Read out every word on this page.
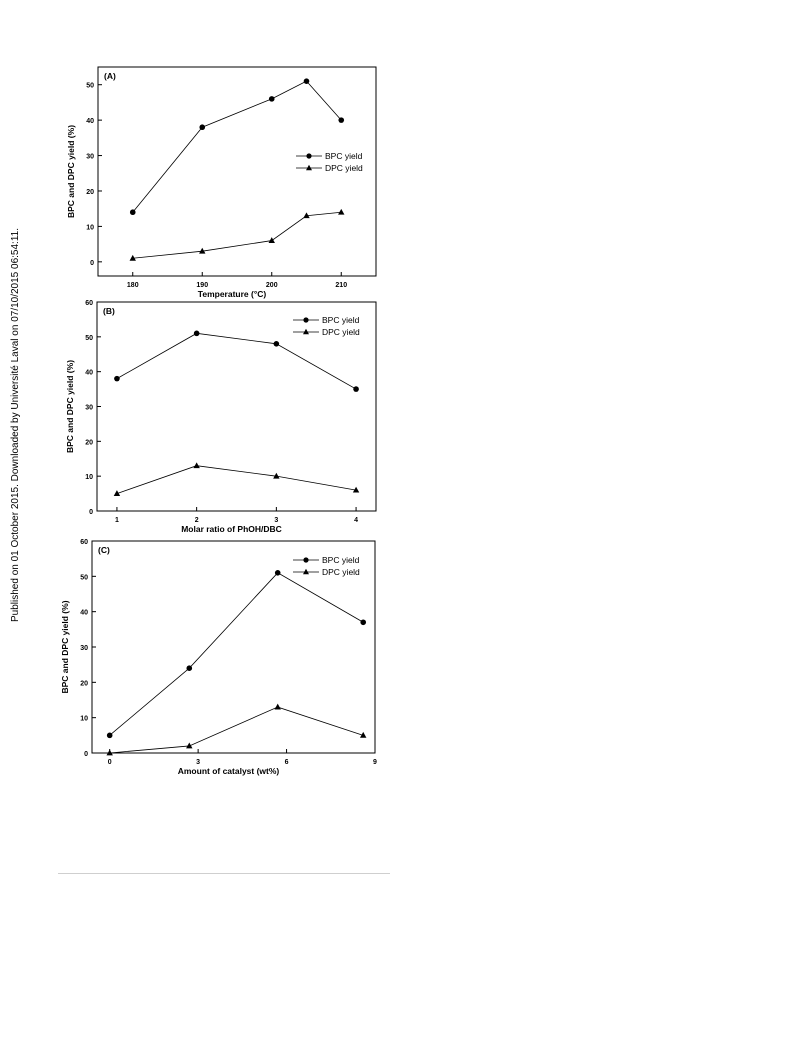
Published on 01 October 2015. Downloaded by Université Laval on 07/10/2015 06:54:11.	0
10
20
30
40
50
180	190	200	210
Temperature (°C)
BPC and DPC yield (%)
(A)
BPC yield
DPC yield
0
10
20
30
40
50
60
1	2	3	4
Molar ratio of PhOH/DBC
BPC and DPC yield (%)
(B)
BPC yield
DPC yield
0
10
20
30
40
50
60
0	3	6	9
Amount of catalyst (wt%)
BPC and DPC yield (%)
(C)
BPC yield
DPC yield
